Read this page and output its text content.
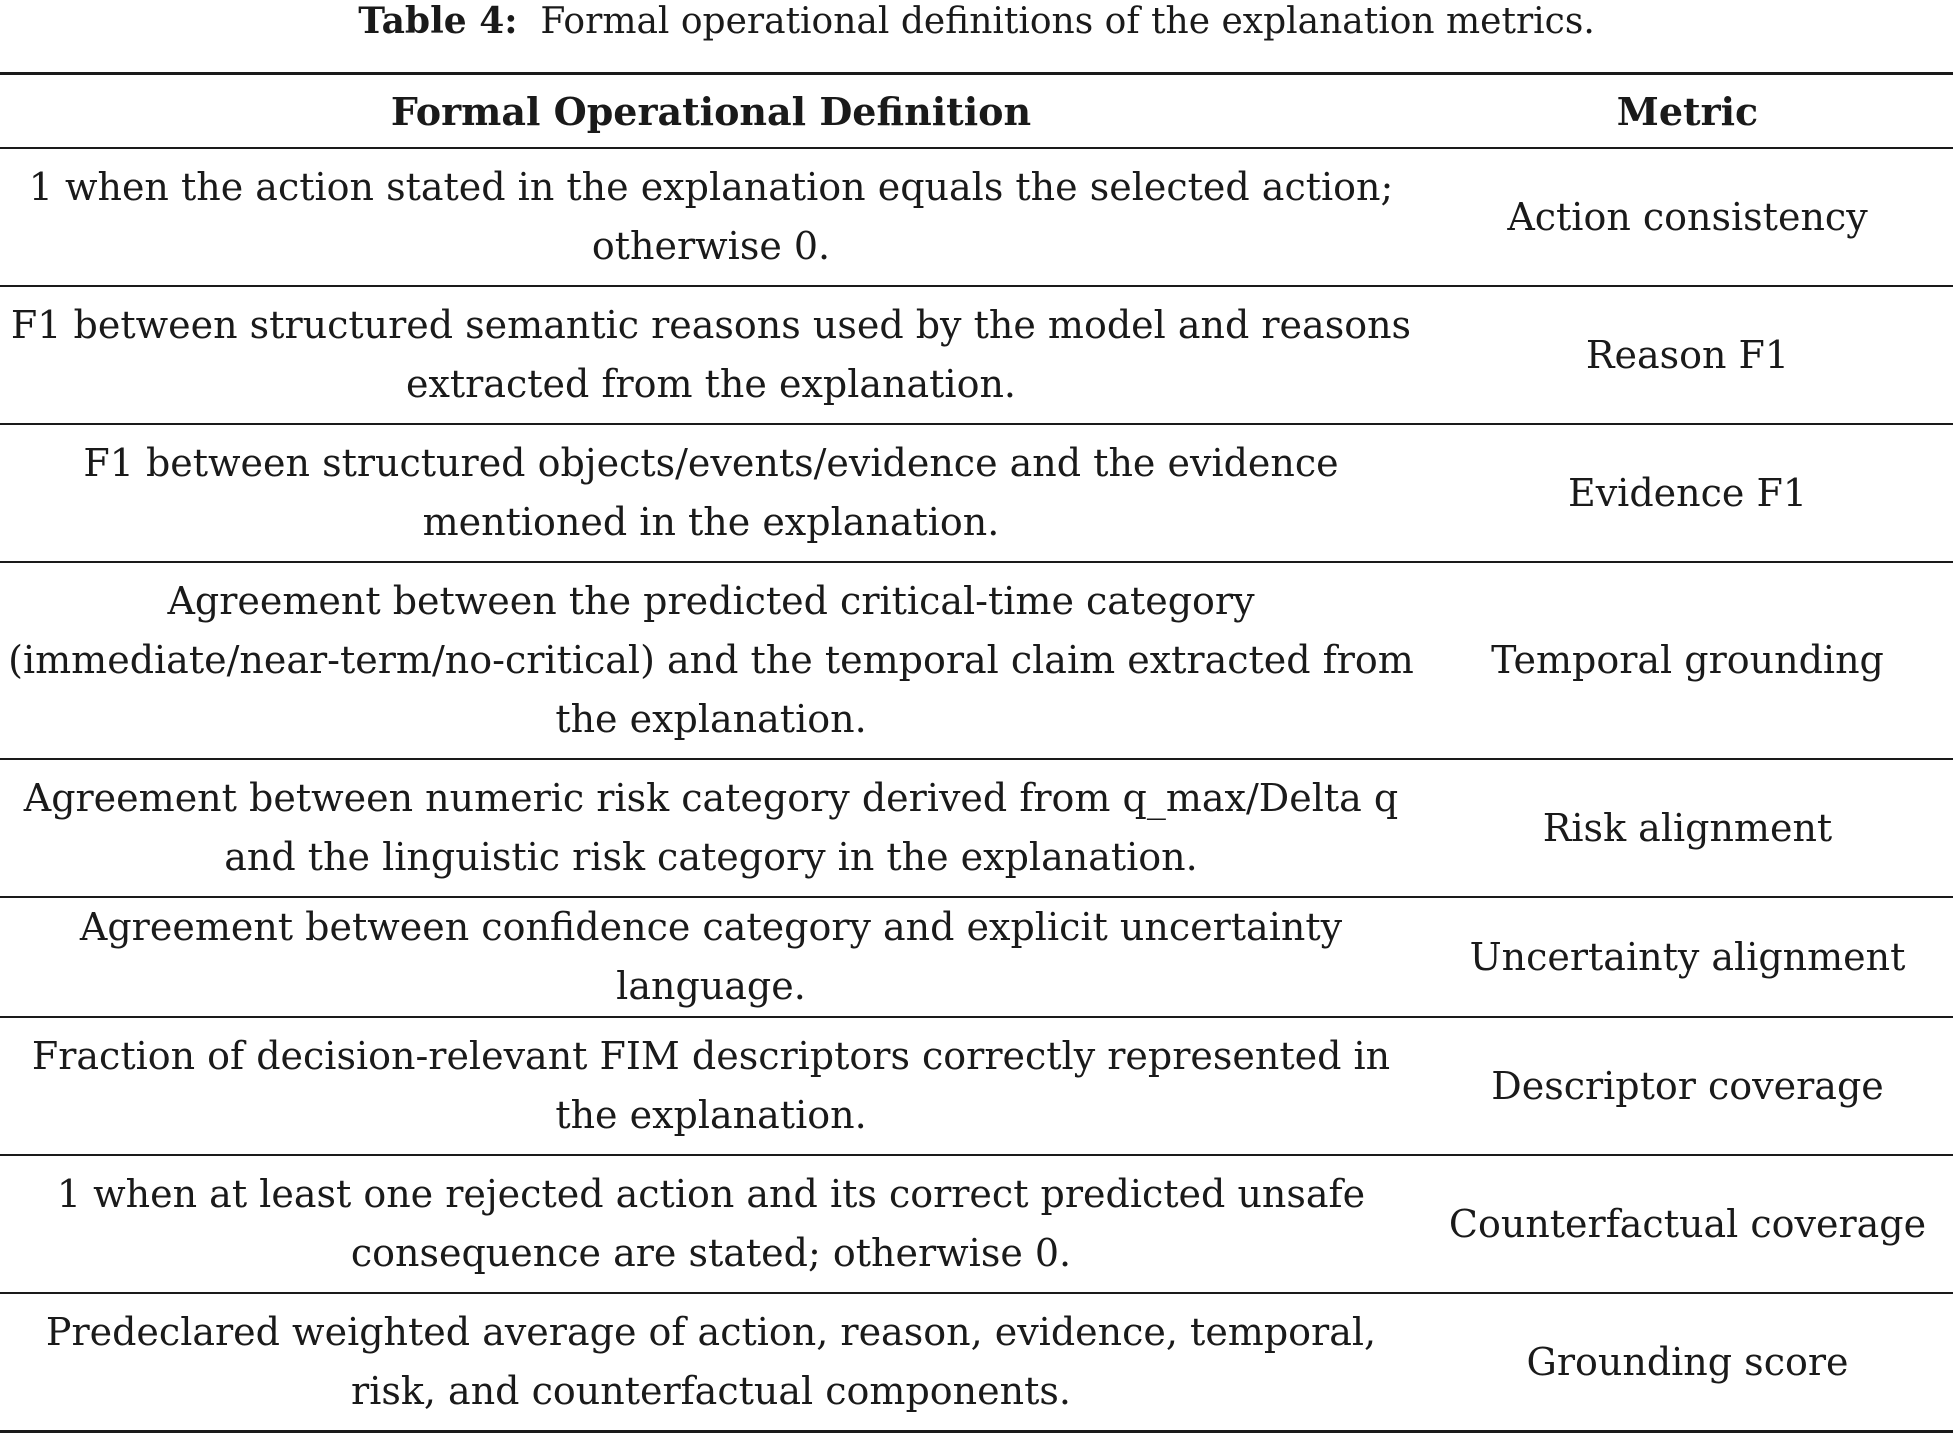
Table 4: Formal operational definitions of the explanation metrics.
Formal Operational Definition	Metric
1 when the action stated in the explanation equals the selected action; otherwise 0.	Action consistency
F1 between structured semantic reasons used by the model and reasons extracted from the explanation.	Reason F1
F1 between structured objects/events/evidence and the evidence mentioned in the explanation.	Evidence F1
Agreement between the predicted critical-time category (immediate/near-term/no-critical) and the temporal claim extracted from the explanation.	Temporal grounding
Agreement between numeric risk category derived from q_max/Delta q and the linguistic risk category in the explanation.	Risk alignment
Agreement between confidence category and explicit uncertainty language.	Uncertainty alignment
Fraction of decision-relevant FIM descriptors correctly represented in the explanation.	Descriptor coverage
1 when at least one rejected action and its correct predicted unsafe consequence are stated; otherwise 0.	Counterfactual coverage
Predeclared weighted average of action, reason, evidence, temporal, risk, and counterfactual components.	Grounding score
